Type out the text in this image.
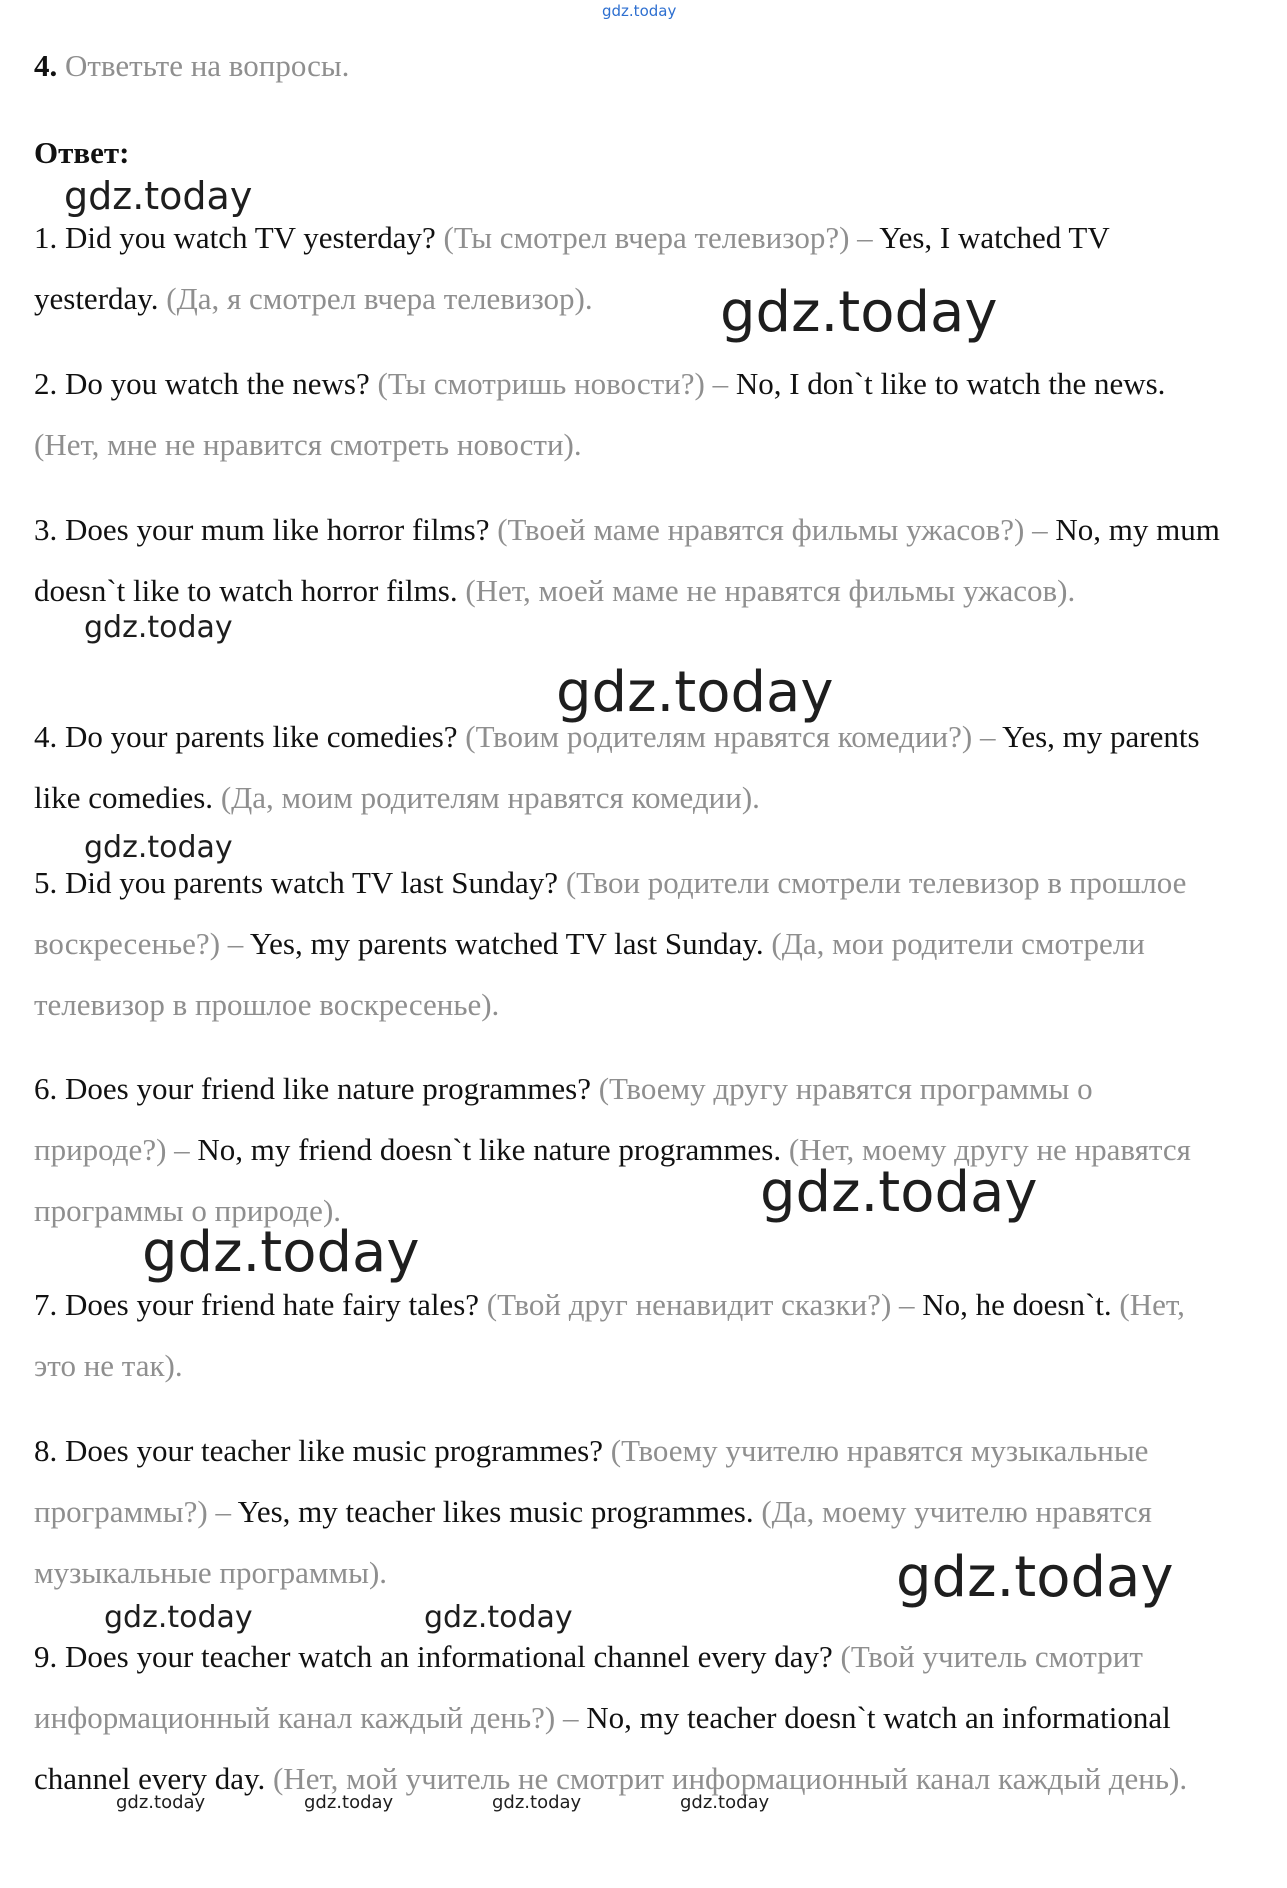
gdz.today
4. Ответьте на вопросы.
Ответ:

1. Did you watch TV yesterday? (Ты смотрел вчера телевизор?) – Yes, I watched TV yesterday. (Да, я смотрел вчера телевизор).

2. Do you watch the news? (Ты смотришь новости?) – No, I don`t like to watch the news. (Нет, мне не нравится смотреть новости).

3. Does your mum like horror films? (Твоей маме нравятся фильмы ужасов?) – No, my mum doesn`t like to watch horror films. (Нет, моей маме не нравятся фильмы ужасов).

4. Do your parents like comedies? (Твоим родителям нравятся комедии?) – Yes, my parents like comedies. (Да, моим родителям нравятся комедии).

5. Did you parents watch TV last Sunday? (Твои родители смотрели телевизор в прошлое воскресенье?) – Yes, my parents watched TV last Sunday. (Да, мои родители смотрели телевизор в прошлое воскресенье).

6. Does your friend like nature programmes? (Твоему другу нравятся программы о природе?) – No, my friend doesn`t like nature programmes. (Нет, моему другу не нравятся программы о природе).

7. Does your friend hate fairy tales? (Твой друг ненавидит сказки?) – No, he doesn`t. (Нет, это не так).

8. Does your teacher like music programmes? (Твоему учителю нравятся музыкальные программы?) – Yes, my teacher likes music programmes. (Да, моему учителю нравятся музыкальные программы).

9. Does your teacher watch an informational channel every day? (Твой учитель смотрит информационный канал каждый день?) – No, my teacher doesn`t watch an informational channel every day. (Нет, мой учитель не смотрит информационный канал каждый день).

gdz.today
gdz.today
gdz.today
gdz.today
gdz.today
gdz.today
gdz.today
gdz.today
gdz.today	gdz.today
gdz.today	gdz.today	gdz.today	gdz.today
